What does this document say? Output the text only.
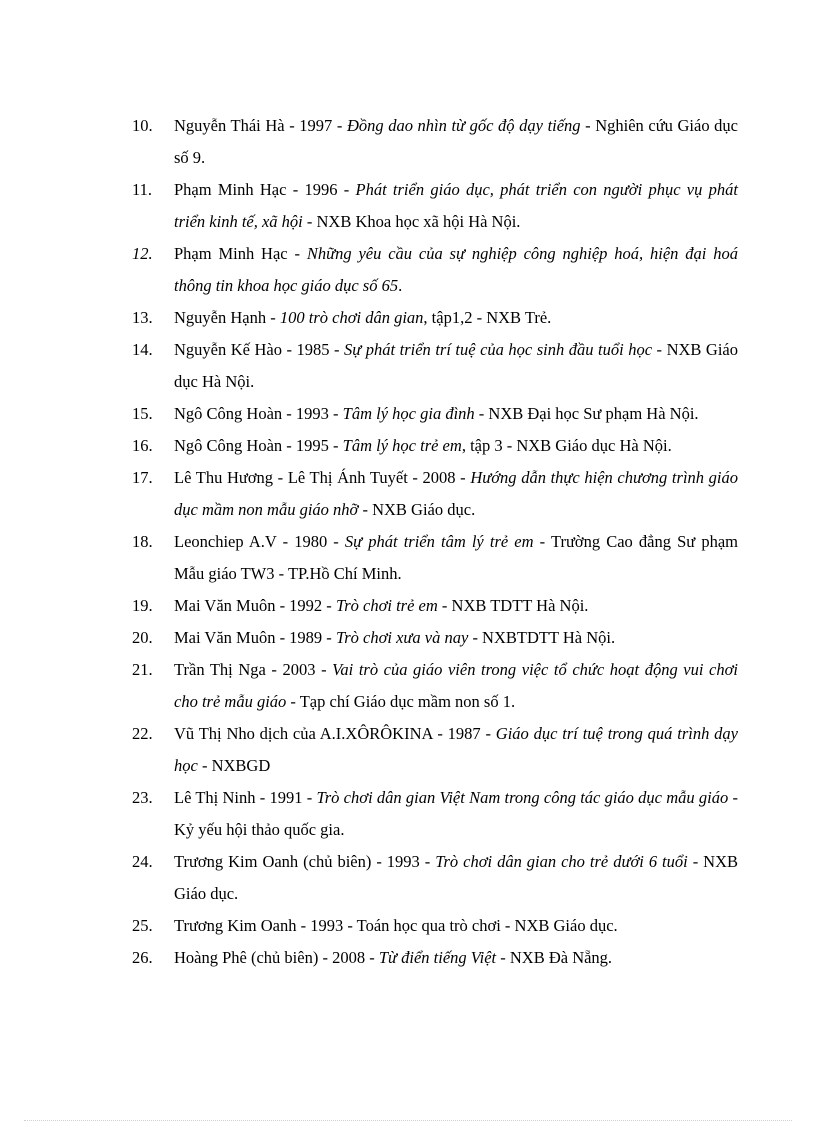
10.	Nguyễn Thái Hà - 1997 - Đồng dao nhìn từ gốc độ dạy tiếng - Nghiên cứu Giáo dục số 9.
11.	Phạm Minh Hạc - 1996 - Phát triển giáo dục, phát triển con người phục vụ phát triển kinh tế, xã hội - NXB Khoa học xã hội Hà Nội.
12.	Phạm Minh Hạc - Những yêu cầu của sự nghiệp công nghiệp hoá, hiện đại hoá thông tin khoa học giáo dục số 65.
13.	Nguyễn Hạnh - 100 trò chơi dân gian, tập1,2 - NXB Trẻ.
14.	Nguyễn Kế Hào - 1985 - Sự phát triển trí tuệ của học sinh đầu tuổi học - NXB Giáo dục Hà Nội.
15.	Ngô Công Hoàn - 1993 - Tâm lý học gia đình - NXB Đại học Sư phạm Hà Nội.
16.	Ngô Công Hoàn - 1995 - Tâm lý học trẻ em, tập 3 - NXB Giáo dục Hà Nội.
17.	Lê Thu Hương - Lê Thị Ánh Tuyết - 2008 - Hướng dẫn thực hiện chương trình giáo dục mầm non mẫu giáo nhỡ - NXB Giáo dục.
18.	Leonchiep A.V - 1980 - Sự phát triển tâm lý trẻ em - Trường Cao đẳng Sư phạm Mẫu giáo TW3 - TP.Hồ Chí Minh.
19.	Mai Văn Muôn - 1992 - Trò chơi trẻ em - NXB TDTT Hà Nội.
20.	Mai Văn Muôn - 1989 - Trò chơi xưa và nay - NXBTDTT Hà Nội.
21.	Trần Thị Nga - 2003 - Vai trò của giáo viên trong việc tổ chức hoạt động vui chơi cho trẻ mẫu giáo - Tạp chí Giáo dục mầm non số 1.
22.	Vũ Thị Nho dịch của A.I.XÔRÔKINA - 1987 - Giáo dục trí tuệ trong quá trình dạy học - NXBGD
23.	Lê Thị Ninh - 1991 - Trò chơi dân gian Việt Nam trong công tác giáo dục mẫu giáo - Kỷ yếu hội thảo quốc gia.
24.	Trương Kim Oanh (chủ biên) - 1993 - Trò chơi dân gian cho trẻ dưới 6 tuổi - NXB Giáo dục.
25.	Trương Kim Oanh - 1993 - Toán học qua trò chơi - NXB Giáo dục.
26.	Hoàng Phê (chủ biên) - 2008 - Từ điển tiếng Việt - NXB Đà Nẵng.
